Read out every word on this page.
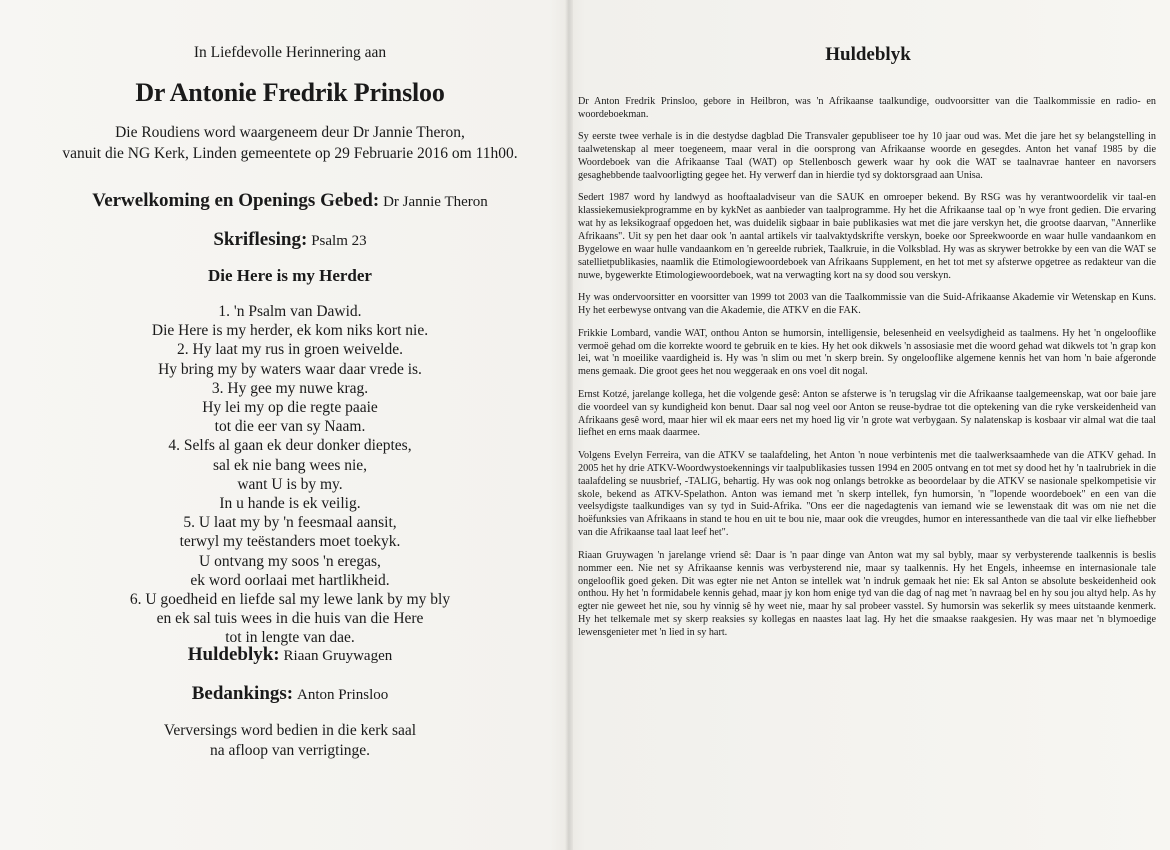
In Liefdevolle Herinnering aan
Dr Antonie Fredrik Prinsloo
Die Roudiens word waargeneem deur Dr Jannie Theron,
vanuit die NG Kerk, Linden gemeentete op 29 Februarie 2016 om 11h00.
Verwelkoming en Openings Gebed: Dr Jannie Theron
Skriflesing: Psalm 23
Die Here is my Herder
1. 'n Psalm van Dawid.
Die Here is my herder, ek kom niks kort nie.
2. Hy laat my rus in groen weivelde.
Hy bring my by waters waar daar vrede is.
3. Hy gee my nuwe krag.
Hy lei my op die regte paaie
tot die eer van sy Naam.
4. Selfs al gaan ek deur donker dieptes,
sal ek nie bang wees nie,
want U is by my.
In u hande is ek veilig.
5. U laat my by 'n feesmaal aansit,
terwyl my teëstanders moet toekyk.
U ontvang my soos 'n eregas,
ek word oorlaai met hartlikheid.
6. U goedheid en liefde sal my lewe lank by my bly
en ek sal tuis wees in die huis van die Here
tot in lengte van dae.
Huldeblyk: Riaan Gruywagen
Bedankings: Anton Prinsloo
Verversings word bedien in die kerk saal
na afloop van verrigtinge.
Huldeblyk

Dr Anton Fredrik Prinsloo, gebore in Heilbron, was 'n Afrikaanse taalkundige, oudvoorsitter van die Taalkommissie en radio- en woordeboekman.

Sy eerste twee verhale is in die destydse dagblad Die Transvaler gepubliseer toe hy 10 jaar oud was. Met die jare het sy belangstelling in taalwetenskap al meer toegeneem, maar veral in die oorsprong van Afrikaanse woorde en gesegdes. Anton het vanaf 1985 by die Woordeboek van die Afrikaanse Taal (WAT) op Stellenbosch gewerk waar hy ook die WAT se taalnavrae hanteer en navorsers gesaghebbende taalvoorligting gegee het. Hy verwerf dan in hierdie tyd sy doktorsgraad aan Unisa.

Sedert 1987 word hy landwyd as hooftaaladviseur van die SAUK en omroeper bekend. By RSG was hy verantwoordelik vir taal-en klassiekemusiekprogramme en by kykNet as aanbieder van taalprogramme. Hy het die Afrikaanse taal op 'n wye front gedien. Die ervaring wat hy as leksikograaf opgedoen het, was duidelik sigbaar in baie publikasies wat met die jare verskyn het, die grootse daarvan, "Annerlike Afrikaans". Uit sy pen het daar ook 'n aantal artikels vir taalvaktydskrifte verskyn, boeke oor Spreekwoorde en waar hulle vandaankom en Bygelowe en waar hulle vandaankom en 'n gereelde rubriek, Taalkruie, in die Volksblad. Hy was as skrywer betrokke by een van die WAT se satellietpublikasies, naamlik die Etimologiewoordeboek van Afrikaans Supplement, en het tot met sy afsterwe opgetree as redakteur van die nuwe, bygewerkte Etimologiewoordeboek, wat na verwagting kort na sy dood sou verskyn.

Hy was ondervoorsitter en voorsitter van 1999 tot 2003 van die Taalkommissie van die Suid-Afrikaanse Akademie vir Wetenskap en Kuns. Hy het eerbewyse ontvang van die Akademie, die ATKV en die FAK.

Frikkie Lombard, vandie WAT, onthou Anton se humorsin, intelligensie, belesenheid en veelsydigheid as taalmens. Hy het 'n ongelooflike vermoë gehad om die korrekte woord te gebruik en te kies. Hy het ook dikwels 'n assosiasie met die woord gehad wat dikwels tot 'n grap kon lei, wat 'n moeilike vaardigheid is. Hy was 'n slim ou met 'n skerp brein. Sy ongelooflike algemene kennis het van hom 'n baie afgeronde mens gemaak. Die groot gees het nou weggeraak en ons voel dit nogal.

Ernst Kotzé, jarelange kollega, het die volgende gesê: Anton se afsterwe is 'n terugslag vir die Afrikaanse taalgemeenskap, wat oor baie jare die voordeel van sy kundigheid kon benut. Daar sal nog veel oor Anton se reuse-bydrae tot die optekening van die ryke verskeidenheid van Afrikaans gesê word, maar hier wil ek maar eers net my hoed lig vir 'n grote wat verbygaan. Sy nalatenskap is kosbaar vir almal wat die taal liefhet en erns maak daarmee.

Volgens Evelyn Ferreira, van die ATKV se taalafdeling, het Anton 'n noue verbintenis met die taalwerksaamhede van die ATKV gehad. In 2005 het hy drie ATKV-Woordwystoekennings vir taalpublikasies tussen 1994 en 2005 ontvang en tot met sy dood het hy 'n taalrubriek in die taalafdeling se nuusbrief, -TALIG, behartig. Hy was ook nog onlangs betrokke as beoordelaar by die ATKV se nasionale spelkompetisie vir skole, bekend as ATKV-Spelathon. Anton was iemand met 'n skerp intellek, fyn humorsin, 'n "lopende woordeboek" en een van die veelsydigste taalkundiges van sy tyd in Suid-Afrika. "Ons eer die nagedagtenis van iemand wie se lewenstaak dit was om nie net die hoëfunksies van Afrikaans in stand te hou en uit te bou nie, maar ook die vreugdes, humor en interessanthede van die taal vir elke liefhebber van die Afrikaanse taal laat leef het".

Riaan Gruywagen 'n jarelange vriend sê: Daar is 'n paar dinge van Anton wat my sal bybly, maar sy verbysterende taalkennis is beslis nommer een. Nie net sy Afrikaanse kennis was verbysterend nie, maar sy taalkennis. Hy het Engels, inheemse en internasionale tale ongelooflik goed geken. Dit was egter nie net Anton se intellek wat 'n indruk gemaak het nie: Ek sal Anton se absolute beskeidenheid ook onthou. Hy het 'n formidabele kennis gehad, maar jy kon hom enige tyd van die dag of nag met 'n navraag bel en hy sou jou altyd help. As hy egter nie geweet het nie, sou hy vinnig sê hy weet nie, maar hy sal probeer vasstel. Sy humorsin was sekerlik sy mees uitstaande kenmerk. Hy het telkemale met sy skerp reaksies sy kollegas en naastes laat lag. Hy het die smaakse raakgesien. Hy was maar net 'n blymoedige lewensgenieter met 'n lied in sy hart.
